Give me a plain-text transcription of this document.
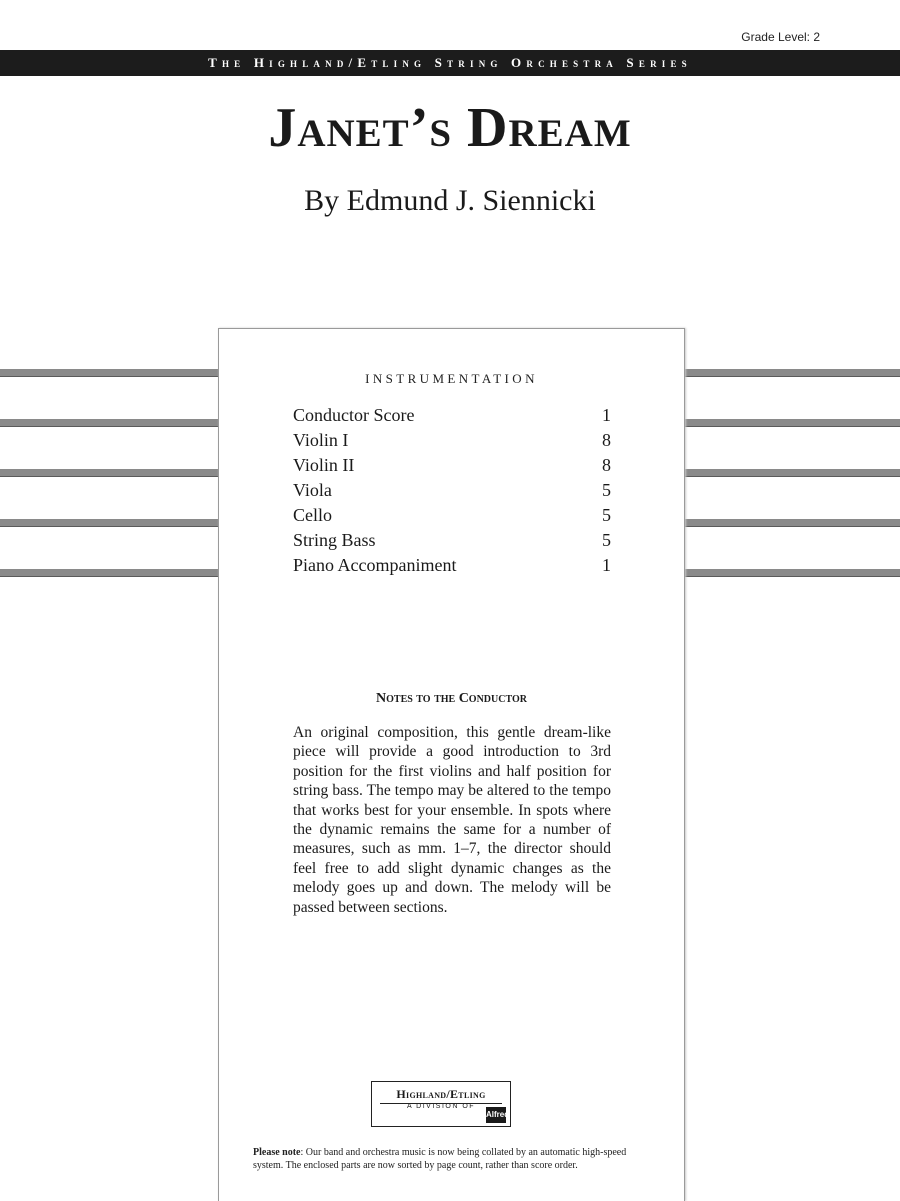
Grade Level: 2
The Highland/Etling String Orchestra Series
Janet’s Dream
By Edmund J. Siennicki
INSTRUMENTATION
Conductor Score	1
Violin I	8
Violin II	8
Viola	5
Cello	5
String Bass	5
Piano Accompaniment	1
Notes to the Conductor

An original composition, this gentle dream-like piece will provide a good introduction to 3rd position for the first violins and half position for string bass. The tempo may be altered to the tempo that works best for your ensemble. In spots where the dynamic remains the same for a number of measures, such as mm. 1–7, the director should feel free to add slight dynamic changes as the melody goes up and down. The melody will be passed between sections.

Highland/Etling
A DIVISION OF
Alfred

Please note: Our band and orchestra music is now being collated by an automatic high-speed system. The enclosed parts are now sorted by page count, rather than score order.
